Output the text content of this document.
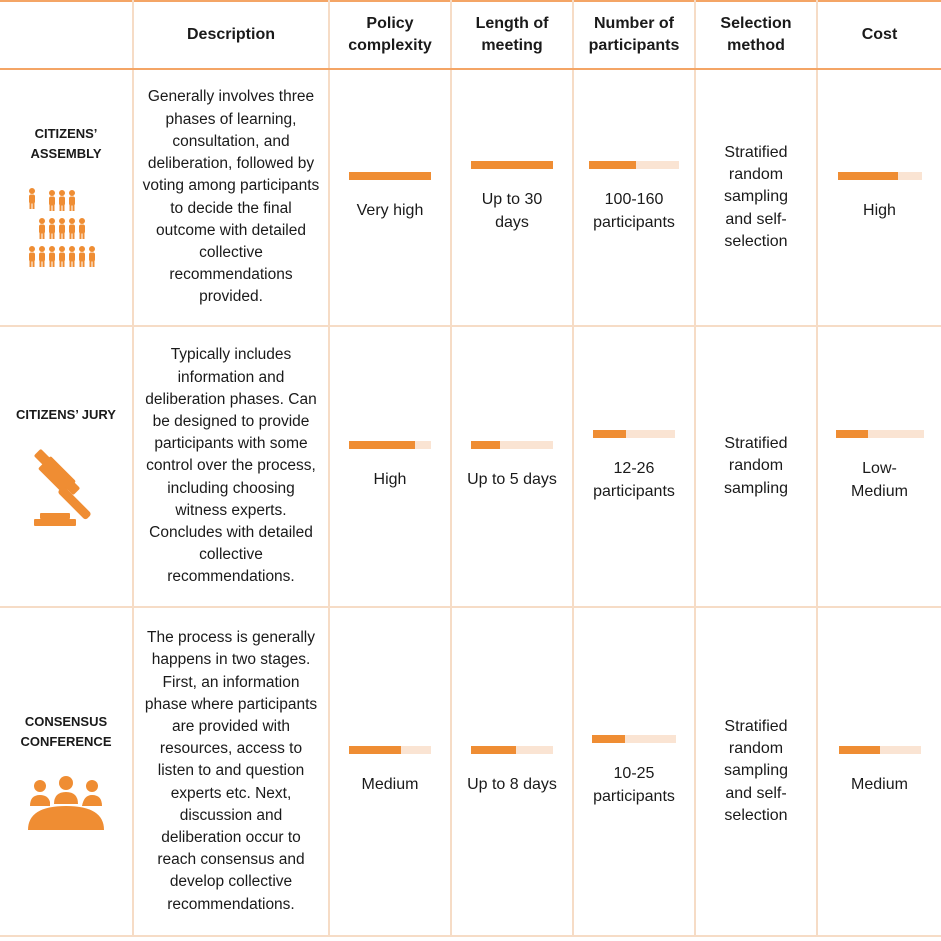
	Description	Policy complexity	Length of meeting	Number of participants	Selection method	Cost

CITIZENS’ ASSEMBLY	Generally involves three phases of learning, consultation, and deliberation, followed by voting among participants to decide the final outcome with detailed collective recommendations provided.	Very high	Up to 30 days	100-160 participants	Stratified random sampling and self-selection	High

CITIZENS’ JURY	Typically includes information and deliberation phases. Can be designed to provide participants with some control over the process, including choosing witness experts. Concludes with detailed collective recommendations.	High	Up to 5 days	12-26 participants	Stratified random sampling	Low-Medium

CONSENSUS CONFERENCE	The process is generally happens in two stages. First, an information phase where participants are provided with resources, access to listen to and question experts etc. Next, discussion and deliberation occur to reach consensus and develop collective recommendations.	Medium	Up to 8 days	10-25 participants	Stratified random sampling and self-selection	Medium
